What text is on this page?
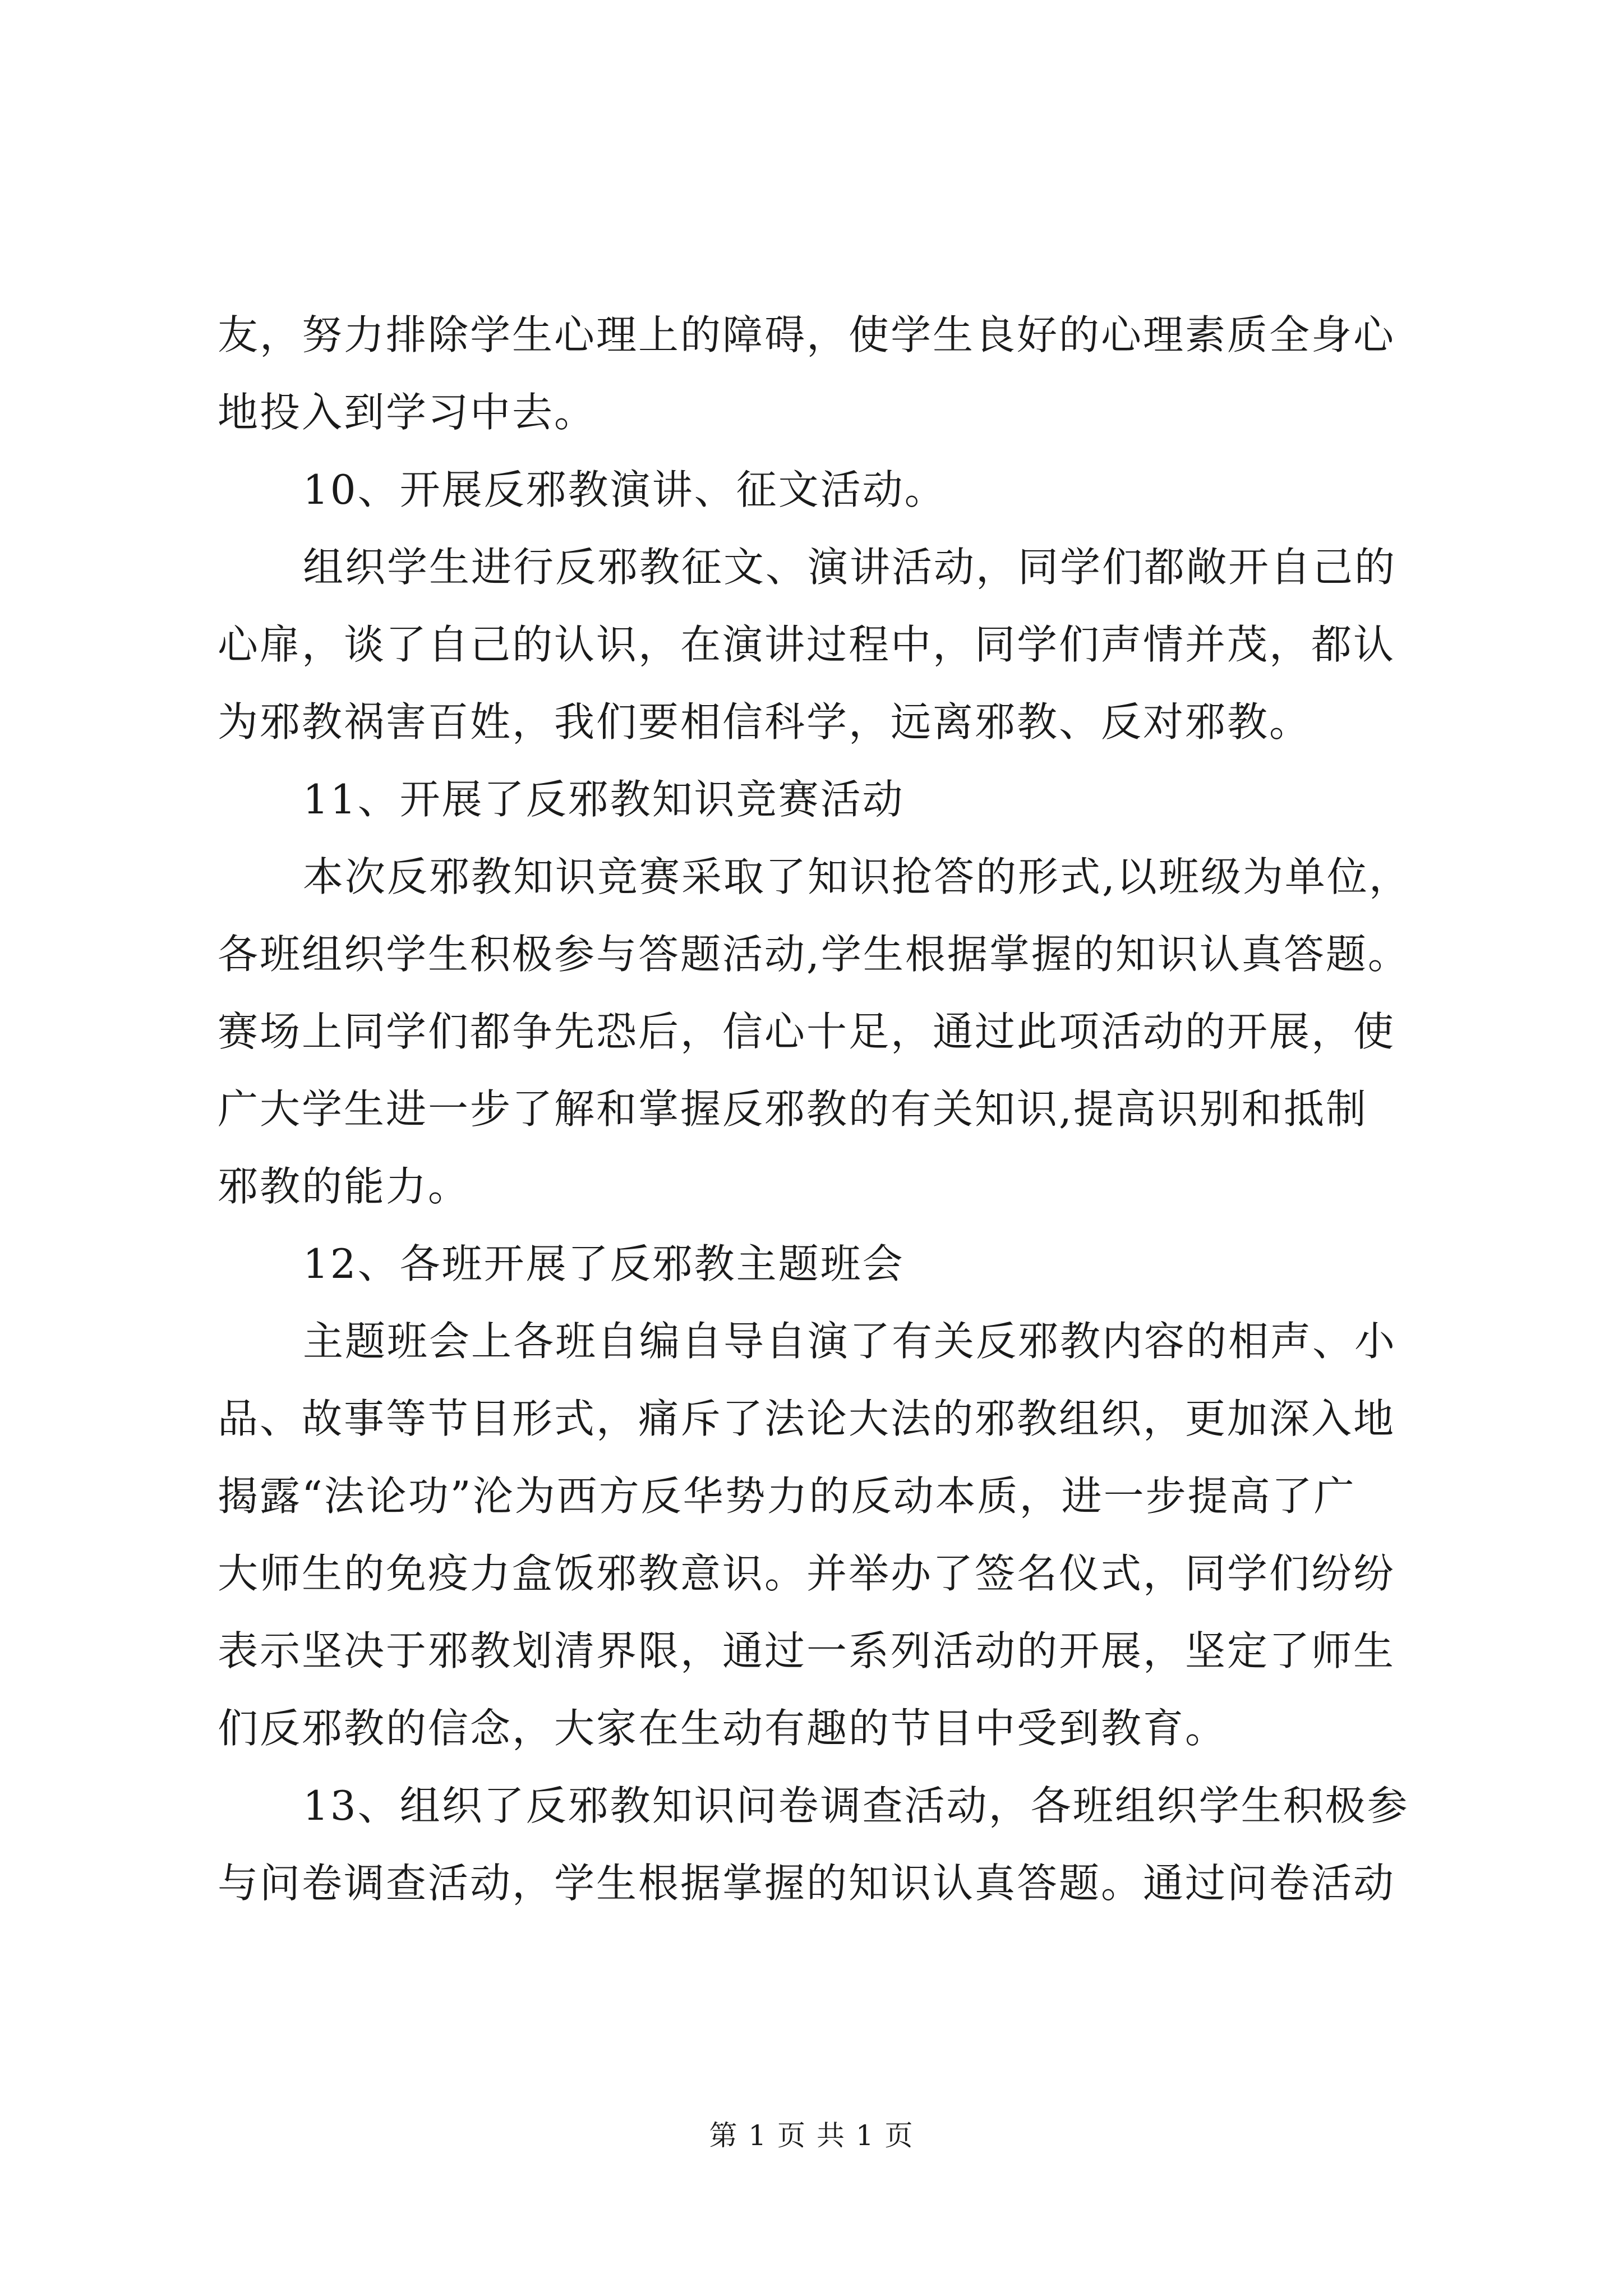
友，努力排除学生心理上的障碍，使学生良好的心理素质全身心
地投入到学习中去。
10、开展反邪教演讲、征文活动。
组织学生进行反邪教征文、演讲活动，同学们都敞开自己的
心扉，谈了自己的认识，在演讲过程中，同学们声情并茂，都认
为邪教祸害百姓，我们要相信科学，远离邪教、反对邪教。
11、开展了反邪教知识竞赛活动
本次反邪教知识竞赛采取了知识抢答的形式,以班级为单位，
各班组织学生积极参与答题活动,学生根据掌握的知识认真答题。
赛场上同学们都争先恐后，信心十足，通过此项活动的开展，使
广大学生进一步了解和掌握反邪教的有关知识,提高识别和抵制
邪教的能力。
12、各班开展了反邪教主题班会
主题班会上各班自编自导自演了有关反邪教内容的相声、小
品、故事等节目形式，痛斥了法论大法的邪教组织，更加深入地
揭露“法论功”沦为西方反华势力的反动本质，进一步提高了广
大师生的免疫力盒饭邪教意识。并举办了签名仪式，同学们纷纷
表示坚决于邪教划清界限，通过一系列活动的开展，坚定了师生
们反邪教的信念，大家在生动有趣的节目中受到教育。
13、组织了反邪教知识问卷调查活动，各班组织学生积极参
与问卷调查活动，学生根据掌握的知识认真答题。通过问卷活动
第 1 页 共 1 页
